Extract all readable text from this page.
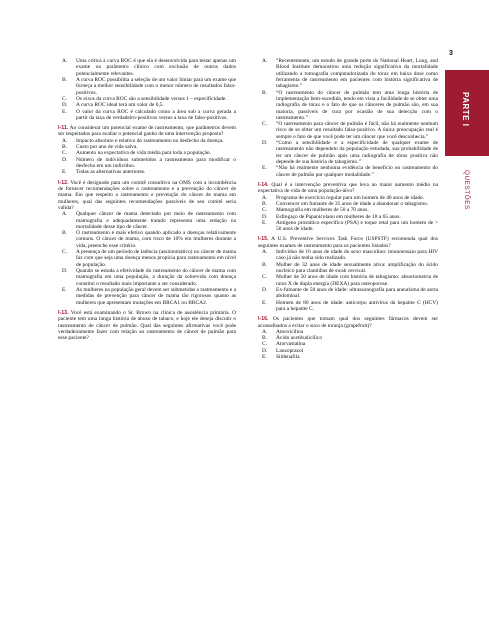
A. Uma crítica à curva ROC é que ela é desenvolvida para testar apenas um exame ou parâmetro clínico com exclusão de outros dados potencialmente relevantes.
B. A curva ROC possibilita a seleção de um valor limiar para um exame que forneça a melhor sensibilidade com o menor número de resultados falso-positivos.
C. Os eixos da curva ROC são a sensibilidade versus 1 – especificidade.
D. A curva ROC ideal terá um valor de 0,5.
E. O valor da curva ROC é calculado como a área sob a curva gerada a partir da taxa de verdadeiro-positivos versus a taxa de falso-positivos.
I-11. Ao considerar um potencial exame de rastreamento, que parâmetros devem ser respeitados para avaliar o potencial ganho de uma intervenção proposta?
A. Impacto absoluto e relativo do rastreamento no desfecho da doença.
B. Custo por ano de vida salva.
C. Aumento na expectativa de vida média para toda a população.
D. Número de indivíduos submetidos a rastreamento para modificar o desfecho em um indivíduo.
E. Todas as alternativas anteriores.
I-12. Você é designado para um comitê consultivo na OMS com a incumbência de fornecer recomendações sobre o rastreamento e a prevenção do câncer de mama. Em que respeito a rastreamento e prevenção do câncer de mama em mulheres, qual das seguintes recomendações possíveis de seu comitê seria válida?
A. Qualquer câncer de mama detectado por meio de rastreamento com mamografia e adequadamente tratado representa uma redução na mortalidade desse tipo de câncer.
B. O rastreamento é mais efetivo quando aplicado a doenças relativamente comuns. O câncer de mama, com risco de 10% em mulheres durante a vida, preenche esse critério.
C. A presença de um período de latência (assintomático) no câncer de mama faz com que seja uma doença menos propícia para rastreamento em nível de população.
D. Quando se estuda a efetividade do rastreamento do câncer de mama com mamografia em uma população, a duração da sobrevida com doença constitui o resultado mais importante a ser considerado.
E. As mulheres na população geral devem ser submetidas a rastreamento e a medidas de prevenção para câncer de mama tão rigorosos quanto as mulheres que apresentam mutações em BRCA1 ou BRCA2.
I-13. Você está examinando o Sr. Brown na clínica de assistência primária. O paciente tem uma longa história de abuso de tabaco, e hoje ele deseja discutir o rastreamento de câncer de pulmão. Qual das seguintes afirmativas você pode verdadeiramente fazer com relação ao rastreamento de câncer de pulmão para esse paciente?
A. “Recentemente, um estudo de grande porte do National Heart, Lung, and Blood Institute demonstrou uma redução significativa da mortalidade utilizando a tomografia computadorizada do tórax em baixa dose como ferramenta de rastreamento em pacientes com história significativa de tabagismo.”
B. “O rastreamento do câncer de pulmão tem uma longa história de implementação bem-sucedida, tendo em vista a facilidade de se obter uma radiografia de tórax e o fato de que os cânceres de pulmão são, em sua maioria, passíveis de cura por ocasião de sua detecção com o rastreamento.”
C. “O rastreamento para câncer de pulmão é fácil, não há realmente nenhum risco de se obter um resultado falso-positivo. A única preocupação real é sempre o fato de que você pode ter um câncer que você desconhecia.”
D. “Como a sensibilidade e a especificidade de qualquer exame de rastreamento não dependem da população estudada, sua probabilidade de ter um câncer de pulmão após uma radiografia de tórax positiva não depende de sua história de tabagismo.”
E. “Não há realmente nenhuma evidência de benefício no rastreamento do câncer de pulmão por qualquer modalidade.”
I-14. Qual é a intervenção preventiva que leva ao maior aumento médio na expectativa de vida de uma população-alvo?
A. Programa de exercício regular para um homem de 40 anos de idade.
B. Convencer um fumante de 35 anos de idade a abandonar o tabagismo.
C. Mamografia em mulheres de 50 a 70 anos.
D. Esfregaço de Papanicolaou em mulheres de 18 a 65 anos.
E. Antígeno prostático específico (PSA) e toque retal para um homem de > 50 anos de idade.
I-15. A U.S. Preventive Services Task Force (USPSTF) recomenda qual dos seguintes exames de rastreamento para os pacientes listados?
A. Indivíduo de 16 anos de idade do sexo masculino: imunoensaio para HIV caso já não tenha sido realizado.
B. Mulher de 32 anos de idade sexualmente ativa: amplificação do ácido nucleico para clamídias de swab cervical.
C. Mulher de 50 anos de idade com história de tabagismo: absortometria de raios X de dupla energia (DEXA) para osteoporose.
D. Ex-fumante de 58 anos de idade: ultrassonografia para aneurisma de aorta abdominal.
E. Homem de 80 anos de idade: anticorpo antivírus da hepatite C (HCV) para a hepatite C.
I-16. Os pacientes que tomam qual dos seguintes fármacos devem ser aconselhados a evitar o suco de toranja (grapefruit)?
A. Amoxicilina
B. Ácido acetilsalicílico
C. Atorvastatina
D. Lanzoprazol
E. Sildenafila
3
PARTE I
QUESTÕES
